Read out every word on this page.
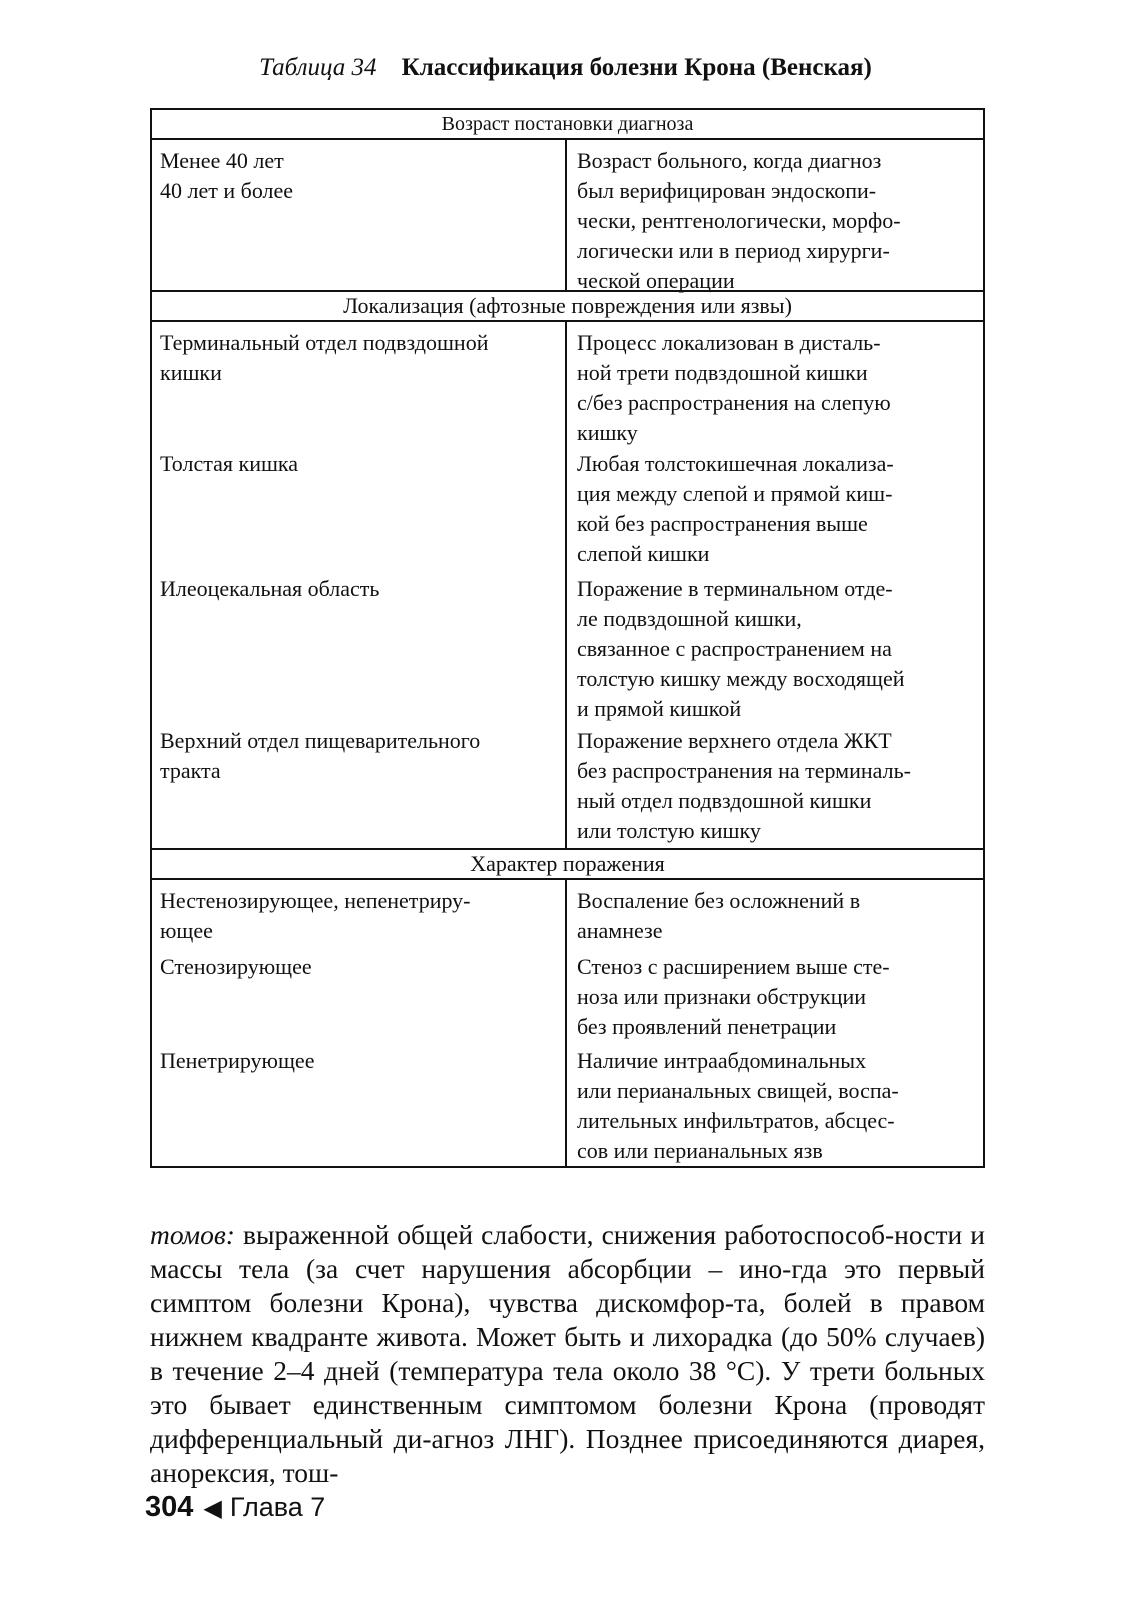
Таблица 34 Классификация болезни Крона (Венская)
Возраст постановки диагноза
Менее 40 лет
40 лет и более
Возраст больного, когда диагноз
был верифицирован эндоскопи-
чески, рентгенологически, морфо-
логически или в период хирурги-
ческой операции
Локализация (афтозные повреждения или язвы)
Терминальный отдел подвздошной
кишки
Толстая кишка
Илеоцекальная область
Верхний отдел пищеварительного
тракта
Процесс локализован в дисталь-
ной трети подвздошной кишки
с/без распространения на слепую
кишку
Любая толстокишечная локализа-
ция между слепой и прямой киш-
кой без распространения выше
слепой кишки
Поражение в терминальном отде-
ле подвздошной кишки,
связанное с распространением на
толстую кишку между восходящей
и прямой кишкой
Поражение верхнего отдела ЖКТ
без распространения на терминаль-
ный отдел подвздошной кишки
или толстую кишку
Характер поражения
Нестенозирующее, непенетриру-
ющее
Стенозирующее
Пенетрирующее
Воспаление без осложнений в
анамнезе
Стеноз с расширением выше сте-
ноза или признаки обструкции
без проявлений пенетрации
Наличие интраабдоминальных
или перианальных свищей, воспа-
лительных инфильтратов, абсцес-
сов или перианальных язв
томов: выраженной общей слабости, снижения работоспособ-ности и массы тела (за счет нарушения абсорбции – ино-гда это первый симптом болезни Крона), чувства дискомфор-та, болей в правом нижнем квадранте живота. Может быть и лихорадка (до 50% случаев) в течение 2–4 дней (температура тела около 38 °C). У трети больных это бывает единственным симптомом болезни Крона (проводят дифференциальный ди-агноз ЛНГ). Позднее присоединяются диарея, анорексия, тош-
304 ◀ Глава 7
